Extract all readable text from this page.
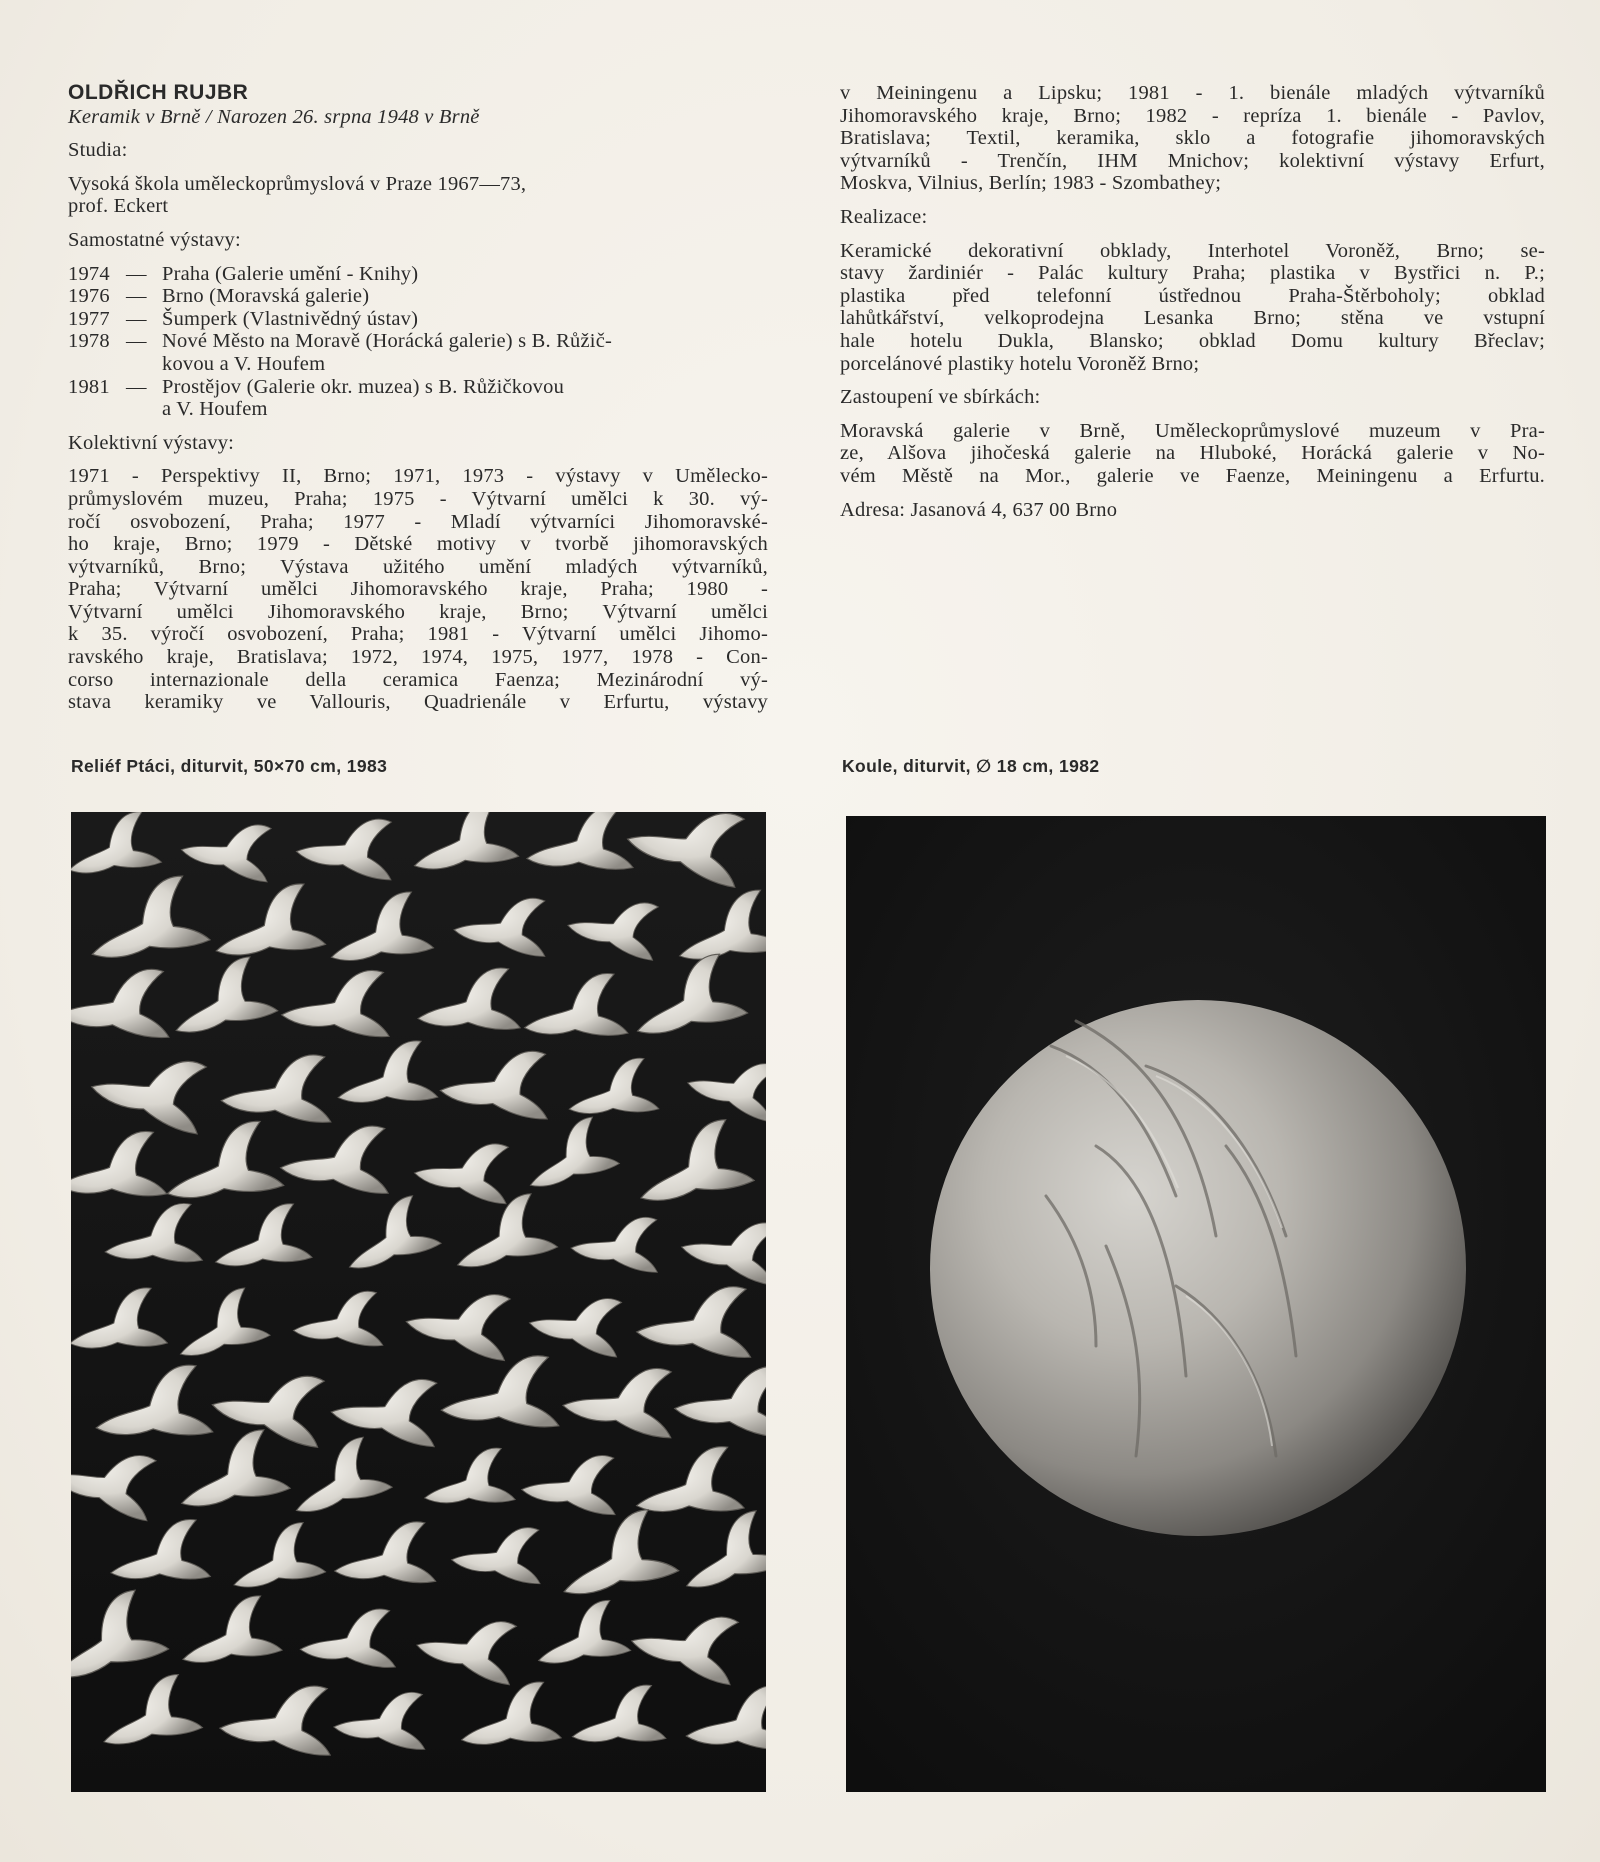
OLDŘICH RUJBR
Keramik v Brně / Narozen 26. srpna 1948 v Brně
Studia:
Vysoká škola uměleckoprůmyslová v Praze 1967—73,
prof. Eckert
Samostatné výstavy:
1974 — Praha (Galerie umění - Knihy)
1976 — Brno (Moravská galerie)
1977 — Šumperk (Vlastnivědný ústav)
1978 — Nové Město na Moravě (Horácká galerie) s B. Růžič-
kovou a V. Houfem
1981 — Prostějov (Galerie okr. muzea) s B. Růžičkovou
a V. Houfem
Kolektivní výstavy:
1971 - Perspektivy II, Brno; 1971, 1973 - výstavy v Umělecko-
průmyslovém muzeu, Praha; 1975 - Výtvarní umělci k 30. vý-
ročí osvobození, Praha; 1977 - Mladí výtvarníci Jihomoravské-
ho kraje, Brno; 1979 - Dětské motivy v tvorbě jihomoravských
výtvarníků, Brno; Výstava užitého umění mladých výtvarníků,
Praha; Výtvarní umělci Jihomoravského kraje, Praha; 1980 -
Výtvarní umělci Jihomoravského kraje, Brno; Výtvarní umělci
k 35. výročí osvobození, Praha; 1981 - Výtvarní umělci Jihomo-
ravského kraje, Bratislava; 1972, 1974, 1975, 1977, 1978 - Con-
corso internazionale della ceramica Faenza; Mezinárodní vý-
stava keramiky ve Vallouris, Quadrienále v Erfurtu, výstavy
v Meiningenu a Lipsku; 1981 - 1. bienále mladých výtvarníků
Jihomoravského kraje, Brno; 1982 - repríza 1. bienále - Pavlov,
Bratislava; Textil, keramika, sklo a fotografie jihomoravských
výtvarníků - Trenčín, IHM Mnichov; kolektivní výstavy Erfurt,
Moskva, Vilnius, Berlín; 1983 - Szombathey;
Realizace:
Keramické dekorativní obklady, Interhotel Voroněž, Brno; se-
stavy žardiniér - Palác kultury Praha; plastika v Bystřici n. P.;
plastika před telefonní ústřednou Praha-Štěrboholy; obklad
lahůtkářství, velkoprodejna Lesanka Brno; stěna ve vstupní
hale hotelu Dukla, Blansko; obklad Domu kultury Břeclav;
porcelánové plastiky hotelu Voroněž Brno;
Zastoupení ve sbírkách:
Moravská galerie v Brně, Uměleckoprůmyslové muzeum v Pra-
ze, Alšova jihočeská galerie na Hluboké, Horácká galerie v No-
vém Městě na Mor., galerie ve Faenze, Meiningenu a Erfurtu.
Adresa: Jasanová 4, 637 00 Brno
Reliéf Ptáci, diturvit, 50×70 cm, 1983	Koule, diturvit, ∅ 18 cm, 1982
